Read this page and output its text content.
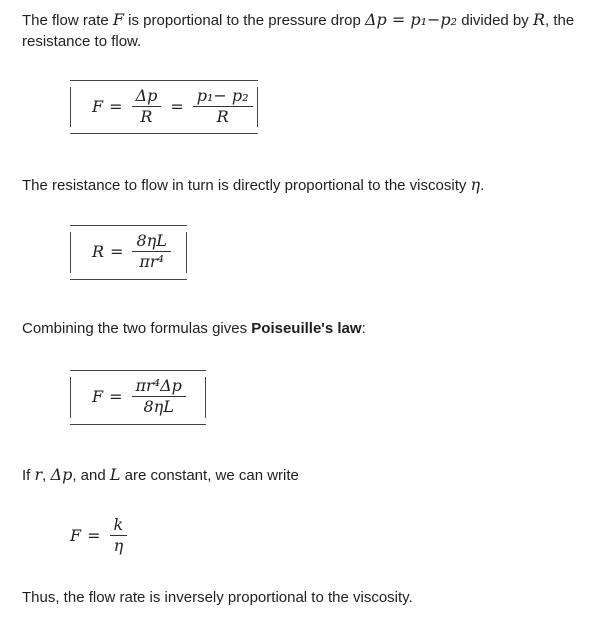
The flow rate F is proportional to the pressure drop Δp = p₁−p₂ divided by R, the resistance to flow.
$F = \frac{\Delta p}{R} = \frac{\text{p₁− p₂}}{R}$
The resistance to flow in turn is directly proportional to the viscosity η.
$R = \frac{8\eta L}{\text{πr⁴}}$
Combining the two formulas gives Poiseuille's law:
$F = \frac{\text{πr⁴Δp}}{8\eta L}$
If r, Δp, and L are constant, we can write
$F = \frac{k}{\eta}$
Thus, the flow rate is inversely proportional to the viscosity.
